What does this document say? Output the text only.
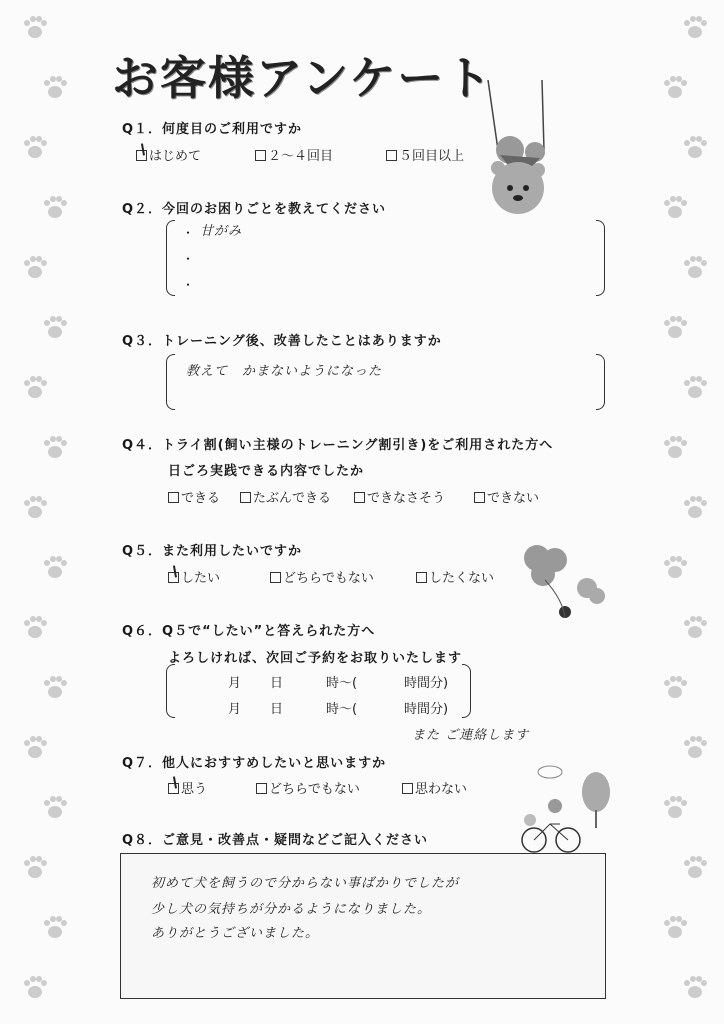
お客様アンケート
Q１．何度目のご利用ですか
はじめて	２～４回目	５回目以上
Q２．今回のお困りごとを教えてください
・
・
・
甘がみ
Q３．トレーニング後、改善したことはありますか
教えて　かまないようになった
Q４．トライ割(飼い主様のトレーニング割引き)をご利用された方へ
日ごろ実践できる内容でしたか
できる	たぶんできる	できなさそう	できない
Q５．また利用したいですか
したい	どちらでもない	したくない
Q６．Q５で“したい”と答えられた方へ
よろしければ、次回ご予約をお取りいたします
月 日	時～(	時間分)
月 日	時～(	時間分)
また ご連絡します
Q７．他人におすすめしたいと思いますか
思う	どちらでもない	思わない
Q８．ご意見・改善点・疑問などご記入ください
初めて犬を飼うので分からない事ばかりでしたが
少し犬の気持ちが分かるようになりました。
ありがとうございました。
